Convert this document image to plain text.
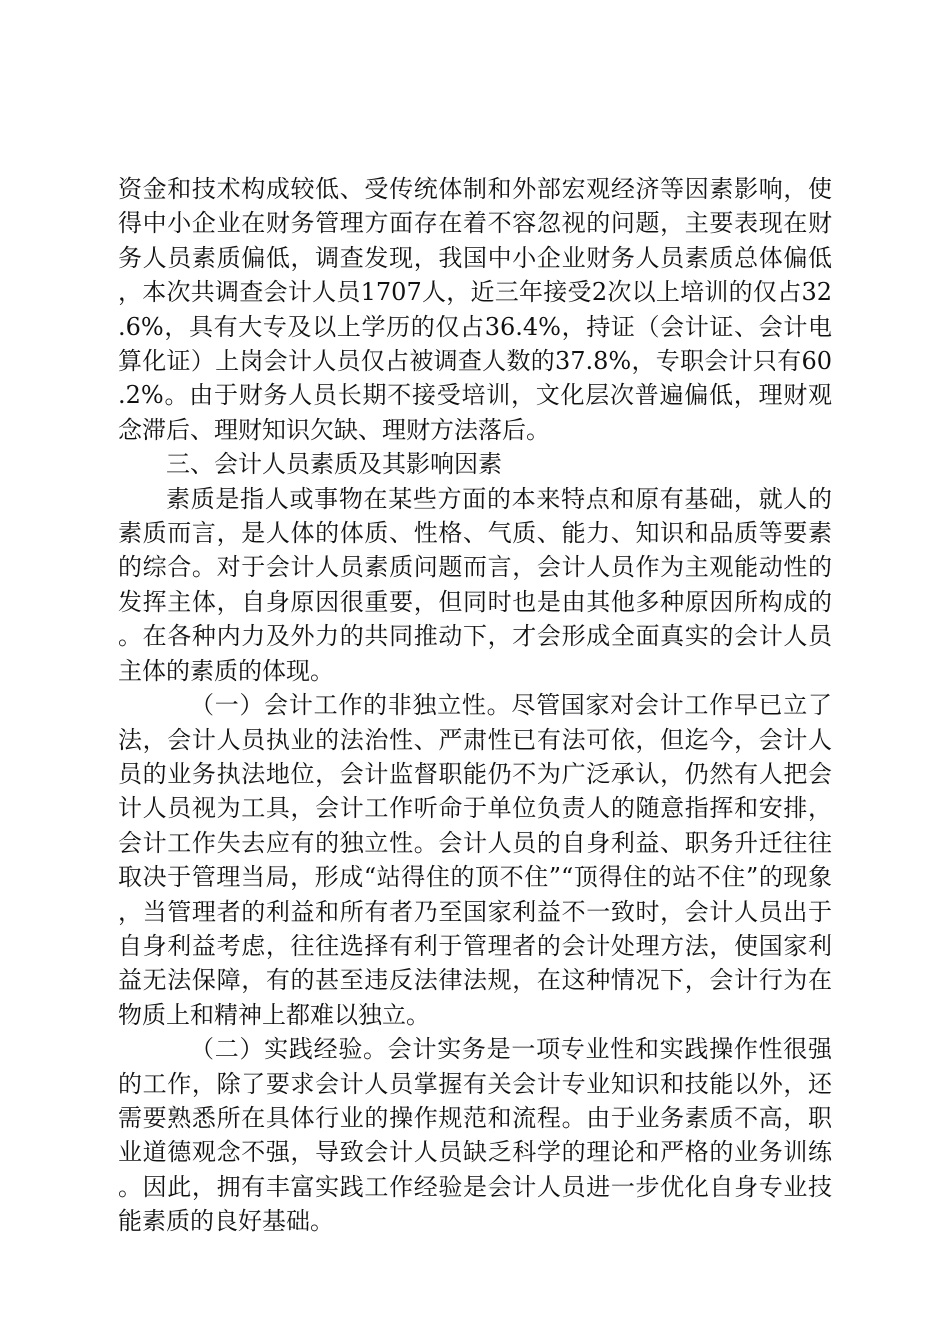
资金和技术构成较低、受传统体制和外部宏观经济等因素影响，使得中小企业在财务管理方面存在着不容忽视的问题，主要表现在财务人员素质偏低，调查发现，我国中小企业财务人员素质总体偏低，本次共调查会计人员1707人，近三年接受2次以上培训的仅占32.6%，具有大专及以上学历的仅占36.4%，持证（会计证、会计电算化证）上岗会计人员仅占被调查人数的37.8%，专职会计只有60.2%。由于财务人员长期不接受培训，文化层次普遍偏低，理财观念滞后、理财知识欠缺、理财方法落后。

三、会计人员素质及其影响因素

素质是指人或事物在某些方面的本来特点和原有基础，就人的素质而言，是人体的体质、性格、气质、能力、知识和品质等要素的综合。对于会计人员素质问题而言，会计人员作为主观能动性的发挥主体，自身原因很重要，但同时也是由其他多种原因所构成的。在各种内力及外力的共同推动下，才会形成全面真实的会计人员主体的素质的体现。

（一）会计工作的非独立性。尽管国家对会计工作早已立了法，会计人员执业的法治性、严肃性已有法可依，但迄今，会计人员的业务执法地位，会计监督职能仍不为广泛承认，仍然有人把会计人员视为工具，会计工作听命于单位负责人的随意指挥和安排，会计工作失去应有的独立性。会计人员的自身利益、职务升迁往往取决于管理当局，形成“站得住的顶不住”“顶得住的站不住”的现象，当管理者的利益和所有者乃至国家利益不一致时，会计人员出于自身利益考虑，往往选择有利于管理者的会计处理方法，使国家利益无法保障，有的甚至违反法律法规，在这种情况下，会计行为在物质上和精神上都难以独立。

（二）实践经验。会计实务是一项专业性和实践操作性很强的工作，除了要求会计人员掌握有关会计专业知识和技能以外，还需要熟悉所在具体行业的操作规范和流程。由于业务素质不高，职业道德观念不强，导致会计人员缺乏科学的理论和严格的业务训练。因此，拥有丰富实践工作经验是会计人员进一步优化自身专业技能素质的良好基础。
